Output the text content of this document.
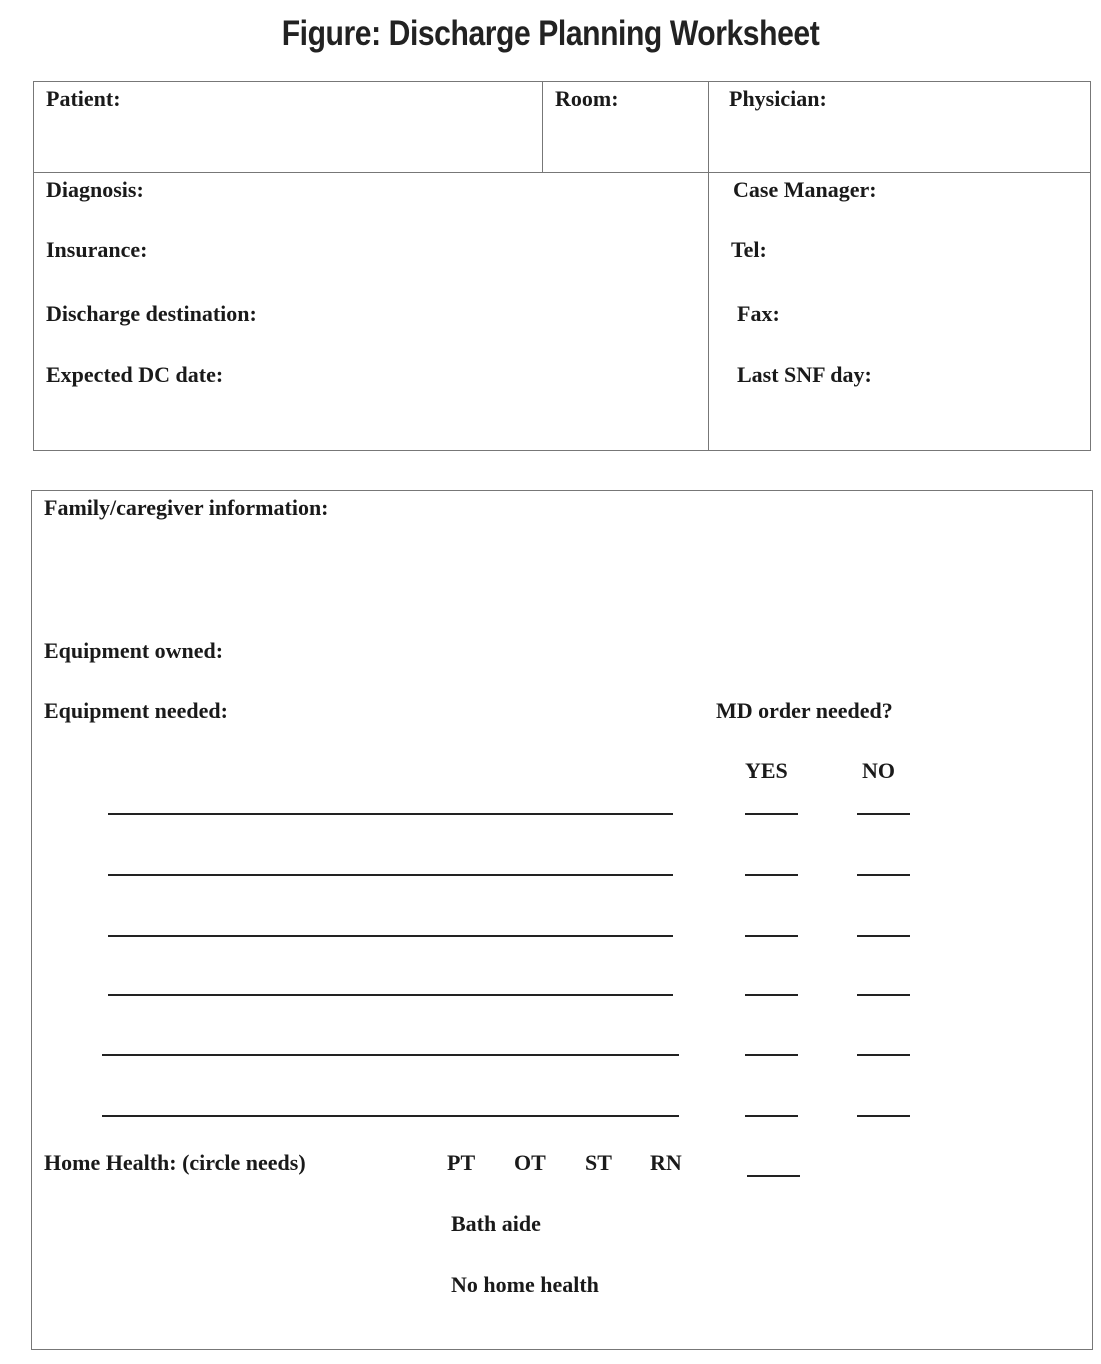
Figure: Discharge Planning Worksheet
Patient:	Room:	Physician:
Diagnosis:
Insurance:
Discharge destination:
Expected DC date:
Case Manager:
Tel:
Fax:
Last SNF day:
Family/caregiver information:
Equipment owned:
Equipment needed:	MD order needed?
YES	NO
Home Health: (circle needs)	PT OT ST RN
Bath aide
No home health
